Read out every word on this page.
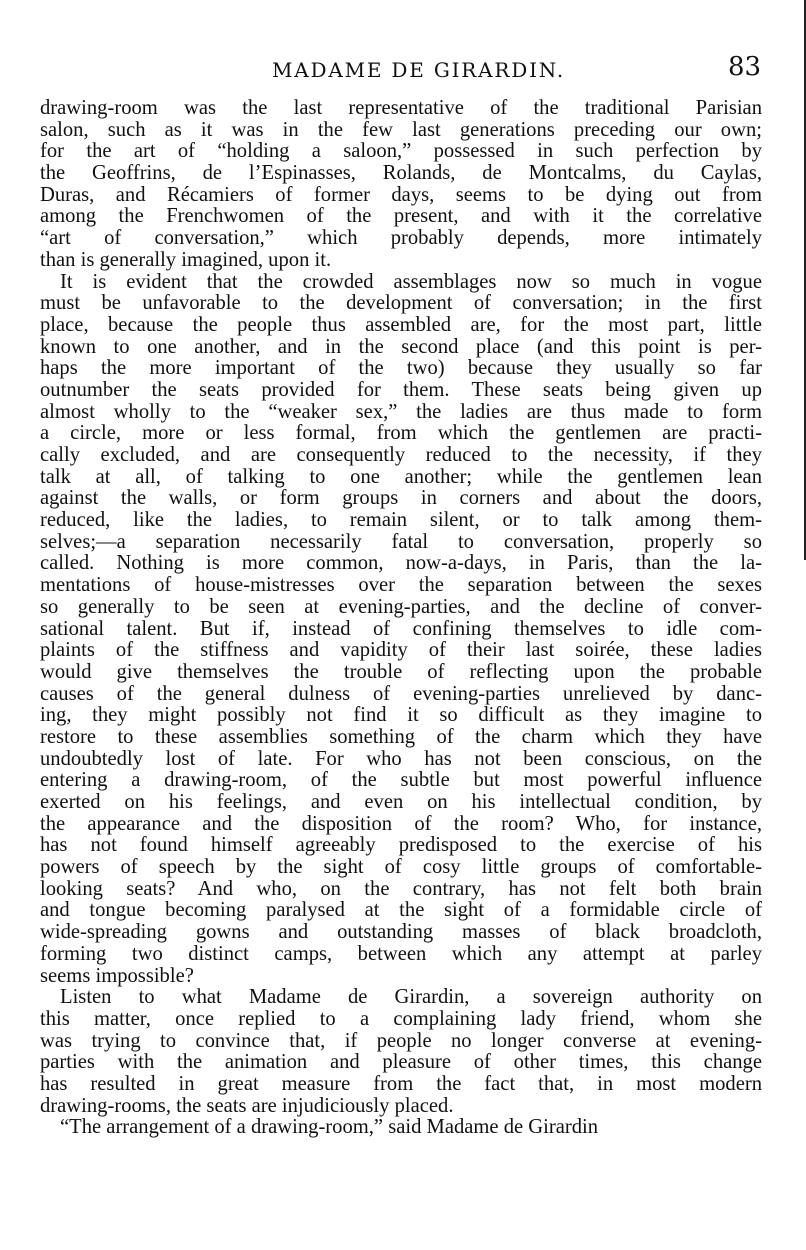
MADAME DE GIRARDIN.	83
drawing-room was the last representative of the traditional Parisian
salon, such as it was in the few last generations preceding our own;
for the art of “holding a saloon,” possessed in such perfection by
the Geoffrins, de l’Espinasses, Rolands, de Montcalms, du Caylas,
Duras, and Récamiers of former days, seems to be dying out from
among the Frenchwomen of the present, and with it the correlative
“art of conversation,” which probably depends, more intimately
than is generally imagined, upon it.
It is evident that the crowded assemblages now so much in vogue
must be unfavorable to the development of conversation; in the first
place, because the people thus assembled are, for the most part, little
known to one another, and in the second place (and this point is per-
haps the more important of the two) because they usually so far
outnumber the seats provided for them. These seats being given up
almost wholly to the “weaker sex,” the ladies are thus made to form
a circle, more or less formal, from which the gentlemen are practi-
cally excluded, and are consequently reduced to the necessity, if they
talk at all, of talking to one another; while the gentlemen lean
against the walls, or form groups in corners and about the doors,
reduced, like the ladies, to remain silent, or to talk among them-
selves;—a separation necessarily fatal to conversation, properly so
called. Nothing is more common, now-a-days, in Paris, than the la-
mentations of house-mistresses over the separation between the sexes
so generally to be seen at evening-parties, and the decline of conver-
sational talent. But if, instead of confining themselves to idle com-
plaints of the stiffness and vapidity of their last soirée, these ladies
would give themselves the trouble of reflecting upon the probable
causes of the general dulness of evening-parties unrelieved by danc-
ing, they might possibly not find it so difficult as they imagine to
restore to these assemblies something of the charm which they have
undoubtedly lost of late. For who has not been conscious, on the
entering a drawing-room, of the subtle but most powerful influence
exerted on his feelings, and even on his intellectual condition, by
the appearance and the disposition of the room? Who, for instance,
has not found himself agreeably predisposed to the exercise of his
powers of speech by the sight of cosy little groups of comfortable-
looking seats? And who, on the contrary, has not felt both brain
and tongue becoming paralysed at the sight of a formidable circle of
wide-spreading gowns and outstanding masses of black broadcloth,
forming two distinct camps, between which any attempt at parley
seems impossible?
Listen to what Madame de Girardin, a sovereign authority on
this matter, once replied to a complaining lady friend, whom she
was trying to convince that, if people no longer converse at evening-
parties with the animation and pleasure of other times, this change
has resulted in great measure from the fact that, in most modern
drawing-rooms, the seats are injudiciously placed.
“The arrangement of a drawing-room,” said Madame de Girardin
